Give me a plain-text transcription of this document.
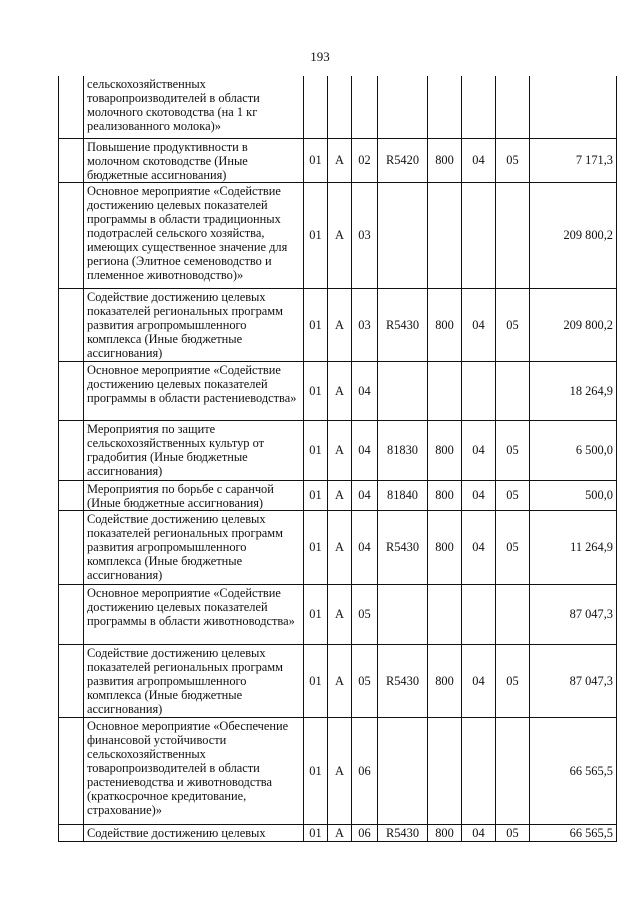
193
	сельскохозяйственных товаропроизводителей в области молочного скотоводства (на 1 кг реализованного молока)»								
	Повышение продуктивности в молочном скотоводстве (Иные бюджетные ассигнования)	01	А	02	R5420	800	04	05	7 171,3
	Основное мероприятие «Содействие достижению целевых показателей программы в области традиционных подотраслей сельского хозяйства, имеющих существенное значение для региона (Элитное семеноводство и племенное животноводство)»	01	А	03					209 800,2
	Содействие достижению целевых показателей региональных программ развития агропромышленного комплекса (Иные бюджетные ассигнования)	01	А	03	R5430	800	04	05	209 800,2
	Основное мероприятие «Содействие достижению целевых показателей программы в области растениеводства»	01	А	04					18 264,9
	Мероприятия по защите сельскохозяйственных культур от градобития (Иные бюджетные ассигнования)	01	А	04	81830	800	04	05	6 500,0
	Мероприятия по борьбе с саранчой (Иные бюджетные ассигнования)	01	А	04	81840	800	04	05	500,0
	Содействие достижению целевых показателей региональных программ развития агропромышленного комплекса (Иные бюджетные ассигнования)	01	А	04	R5430	800	04	05	11 264,9
	Основное мероприятие «Содействие достижению целевых показателей программы в области животноводства»	01	А	05					87 047,3
	Содействие достижению целевых показателей региональных программ развития агропромышленного комплекса (Иные бюджетные ассигнования)	01	А	05	R5430	800	04	05	87 047,3
	Основное мероприятие «Обеспечение финансовой устойчивости сельскохозяйственных товаропроизводителей в области растениеводства и животноводства (краткосрочное кредитование, страхование)»	01	А	06					66 565,5
	Содействие достижению целевых	01	А	06	R5430	800	04	05	66 565,5
